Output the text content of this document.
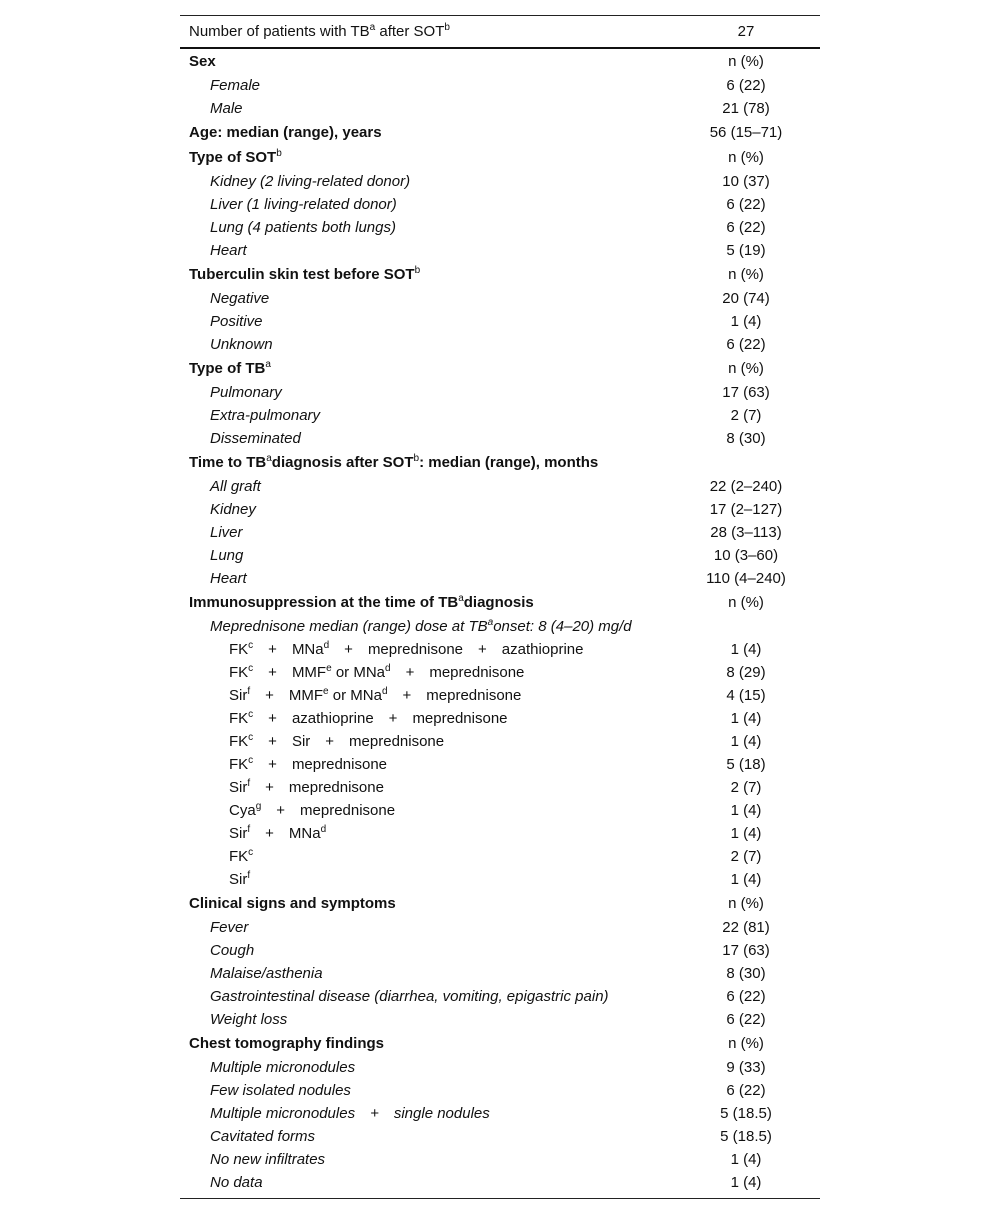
Number of patients with $TB^a$ after SOT$^b$	27
Sex	n (%)
Female	6 (22)
Male	21 (78)
Age: median (range), years	56 (15–71)
Type of SOT$^b$	n (%)
Kidney (2 living-related donor)	10 (37)
Liver (1 living-related donor)	6 (22)
Lung (4 patients both lungs)	6 (22)
Heart	5 (19)
Tuberculin skin test before SOT$^b$	n (%)
Negative	20 (74)
Positive	1 (4)
Unknown	6 (22)
Type of $TB^a$	n (%)
Pulmonary	17 (63)
Extra-pulmonary	2 (7)
Disseminated	8 (30)
Time to $TB^adiagnosis$ after SOT$^b$: median (range), months	
All graft	22 (2–240)
Kidney	17 (2–127)
Liver	28 (3–113)
Lung	10 (3–60)
Heart	110 (4–240)
Immunosuppression at the time of $TB^adiagnosis$	n (%)
Meprednisone median (range) dose at $TB^aonset$: 8 (4–20) mg/d	
$FK^c + MNa^d$ + meprednisone + azathioprine	1 (4)
$FK^c + MMF^e$ or MNa$^d$ + meprednisone	8 (29)
$Sir^f + MMF^e$ or MNa$^d$ + meprednisone	4 (15)
$FK^c$ + azathioprine + meprednisone	1 (4)
$FK^c$ + Sir + meprednisone	1 (4)
$FK^c$ + meprednisone	5 (18)
Sir$^f$ + meprednisone	2 (7)
Cya$^g$ + meprednisone	1 (4)
Sir$^f$ + MNa$^d$	1 (4)
$FK^c$	2 (7)
Sir$^f$	1 (4)
Clinical signs and symptoms	n (%)
Fever	22 (81)
Cough	17 (63)
Malaise/asthenia	8 (30)
Gastrointestinal disease (diarrhea, vomiting, epigastric pain)	6 (22)
Weight loss	6 (22)
Chest tomography findings	n (%)
Multiple micronodules	9 (33)
Few isolated nodules	6 (22)
Multiple micronodules + single nodules	5 (18.5)
Cavitated forms	5 (18.5)
No new infiltrates	1 (4)
No data	1 (4)
